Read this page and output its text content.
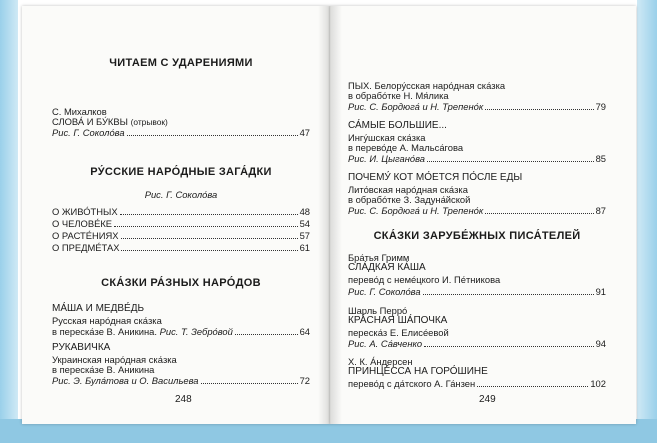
ЧИТАЕМ С УДАРЕНИЯМИ
С. Михалков
СЛОВА́ И БУ́КВЫ (отрывок)
Рис. Г. Соколо́ва	47
РУ́ССКИЕ НАРО́ДНЫЕ ЗАГА́ДКИ
Рис. Г. Соколо́ва
О ЖИВО́ТНЫХ	48
О ЧЕЛОВЕ́КЕ	54
О РАСТЕ́НИЯХ	57
О ПРЕДМЕ́ТАХ	61
СКА́ЗКИ РА́ЗНЫХ НАРО́ДОВ
МА́ША И МЕДВЕ́ДЬ
Русская наро́дная ска́зка
в переска́зе В. Аникина.
Рис. Т. Зебро́вой	64
РУКАВИЧКА
Украинская наро́дная ска́зка
в переска́зе В. Аникина
Рис. Э. Була́това и О. Васильева	72
248
ПЫХ. Белору́сская наро́дная ска́зка
в обрабо́тке Н. Мя́лика
Рис. С. Бордюга́ и Н. Трепено́к	79
СА́МЫЕ БОЛЬШИЕ...
Ингу́шская ска́зка
в перево́де А. Мальса́гова
Рис. И. Цыгано́ва	85
ПОЧЕМУ́ КОТ МО́ЕТСЯ ПО́СЛЕ ЕДЫ
Лито́вская наро́дная ска́зка
в обрабо́тке З. Задуна́йской
Рис. С. Бордюга́ и Н. Трепено́к	87
СКА́ЗКИ ЗАРУБЕ́ЖНЫХ ПИСА́ТЕЛЕЙ
Бра́тья Гримм
СЛА́ДКАЯ КА́ША
перево́д с неме́цкого И. Пе́тникова
Рис. Г. Соколо́ва	91
Шарль Перро́
КРА́СНАЯ ША́ПОЧКА
переска́з Е. Елисе́евой
Рис. А. Са́вченко	94
Х. К. А́ндерсен
ПРИНЦЕ́ССА НА ГОРО́ШИНЕ
перево́д с да́тского А. Га́нзен	102
249
